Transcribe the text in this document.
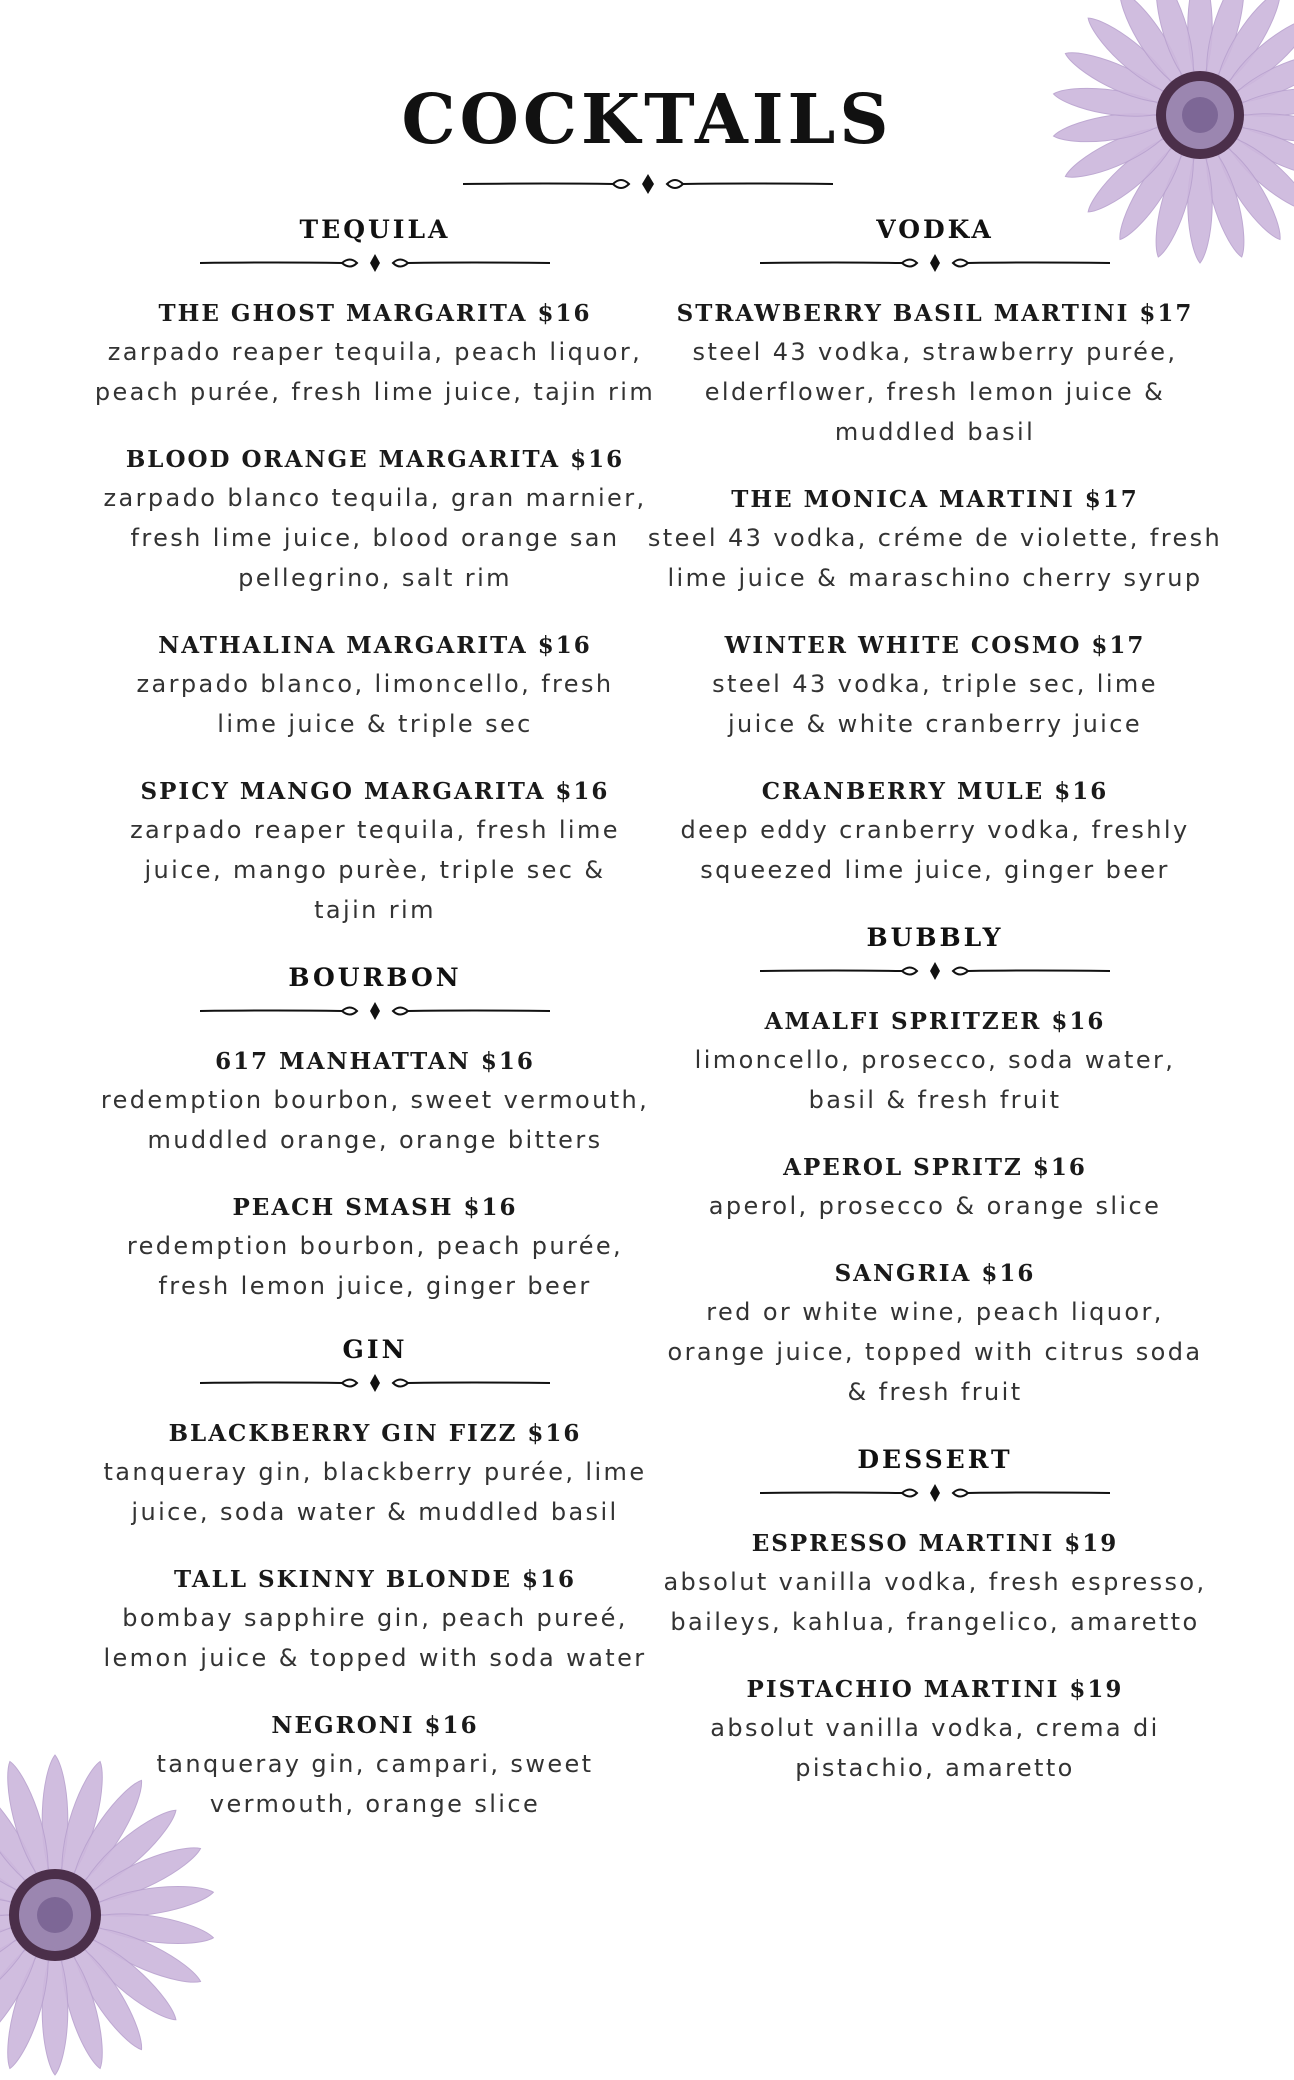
COCKTAILS
TEQUILA

THE GHOST MARGARITA $16

zarpado reaper tequila, peach liquor,

peach purée, fresh lime juice, tajin rim

BLOOD ORANGE MARGARITA $16

zarpado blanco tequila, gran marnier,

fresh lime juice, blood orange san

pellegrino, salt rim

NATHALINA MARGARITA $16

zarpado blanco, limoncello, fresh

lime juice & triple sec

SPICY MANGO MARGARITA $16

zarpado reaper tequila, fresh lime

juice, mango purèe, triple sec &

tajin rim

BOURBON

617 MANHATTAN $16

redemption bourbon, sweet vermouth,

muddled orange, orange bitters

PEACH SMASH $16

redemption bourbon, peach purée,

fresh lemon juice, ginger beer

GIN

BLACKBERRY GIN FIZZ $16

tanqueray gin, blackberry purée, lime

juice, soda water & muddled basil

TALL SKINNY BLONDE $16

bombay sapphire gin, peach pureé,

lemon juice & topped with soda water

NEGRONI $16

tanqueray gin, campari, sweet

vermouth, orange slice

VODKA

STRAWBERRY BASIL MARTINI $17

steel 43 vodka, strawberry purée,

elderflower, fresh lemon juice &

muddled basil

THE MONICA MARTINI $17

steel 43 vodka, créme de violette, fresh

lime juice & maraschino cherry syrup

WINTER WHITE COSMO $17

steel 43 vodka, triple sec, lime

juice & white cranberry juice

CRANBERRY MULE $16

deep eddy cranberry vodka, freshly

squeezed lime juice, ginger beer

BUBBLY

AMALFI SPRITZER $16

limoncello, prosecco, soda water,

basil & fresh fruit

APEROL SPRITZ $16

aperol, prosecco & orange slice

SANGRIA $16

red or white wine, peach liquor,

orange juice, topped with citrus soda

& fresh fruit

DESSERT

ESPRESSO MARTINI $19

absolut vanilla vodka, fresh espresso,

baileys, kahlua, frangelico, amaretto

PISTACHIO MARTINI $19

absolut vanilla vodka, crema di

pistachio, amaretto
